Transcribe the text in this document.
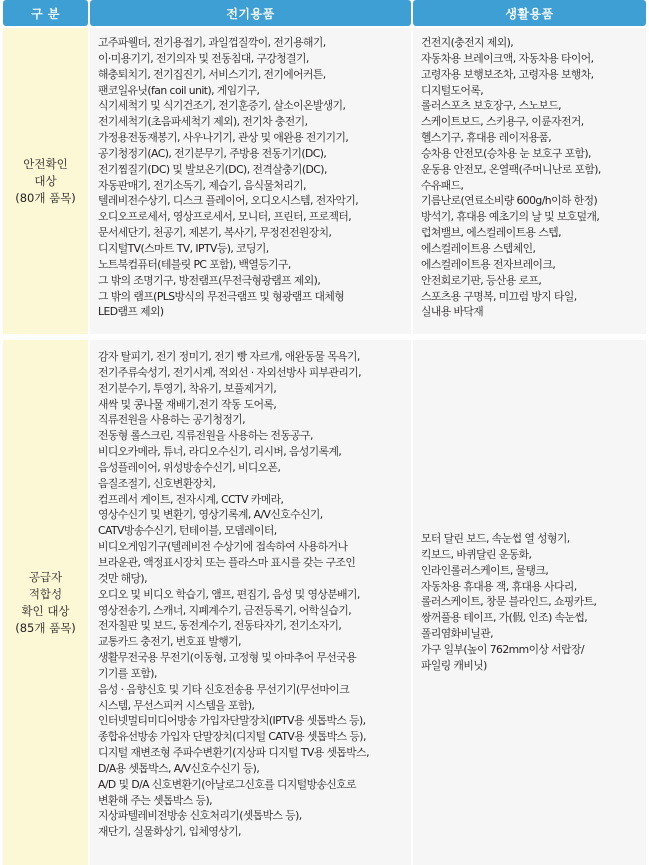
구 분	전기용품	생활용품
안전확인
대상
(80개 품목)
고주파웰더, 전기용접기, 과일껍질깍이, 전기용해기,
이·미용기기, 전기의자 및 전동침대, 구강청결기,
해충퇴치기, 전기집진기, 서비스기기, 전기에어커튼,
팬코일유닛(fan coil unit), 게임기구,
식기세척기 및 식기건조기, 전기훈증기, 살소이온발생기,
전기세척기(초음파세척기 제외), 전기차 충전기,
가정용전동재봉기, 사우나기기, 관상 및 애완용 전기기기,
공기청정기(AC), 전기분무기, 주방용 전동기기(DC),
전기찜질기(DC) 및 발보온기(DC), 전격살충기(DC),
자동판매기, 전기소독기, 제습기, 음식물처리기,
텔레비전수상기, 디스크 플레이어, 오디오시스템, 전자악기,
오디오프로세서, 영상프로세서, 모니터, 프린터, 프로젝터,
문서세단기, 천공기, 제본기, 복사기, 무정전전원장치,
디지털TV(스마트 TV, IPTV등), 코딩기,
노트북컴퓨터(테블릿 PC 포함), 백열등기구,
그 밖의 조명기구, 방전램프(무전극형광램프 제외),
그 밖의 램프(PLS방식의 무전극램프 및 형광램프 대체형
LED램프 제외)
건전지(충전지 제외),
자동차용 브레이크액, 자동차용 타이어,
고령자용 보행보조차, 고령자용 보행차,
디지털도어록,
롤러스포츠 보호장구, 스노보드,
스케이트보드, 스키용구, 이륜자전거,
헬스기구, 휴대용 레이저용품,
승차용 안전모(승차용 눈 보호구 포함),
운동용 안전모, 온열팩(주머니난로 포함),
수유패드,
기름난로(연료소비량 600g/h이하 한정)
방석기, 휴대용 예초기의 날 및 보호덮개,
럽쳐밸브, 에스컬레이트용 스텝,
에스컬레이트용 스텝체인,
에스컬레이트용 전자브레이크,
안전회로기판, 등산용 로프,
스포츠용 구명복, 미끄럼 방지 타일,
실내용 바닥재
공급자
적합성
확인 대상
(85개 품목)
감자 탈피기, 전기 정미기, 전기 빵 자르개, 애완동물 목욕기,
전기주류숙성기, 전기시계, 적외선 · 자외선방사 피부관리기,
전기분수기, 투영기, 착유기, 보풀제거기,
새싹 및 콩나물 재배기,전기 작동 도어록,
직류전원을 사용하는 공기청정기,
전동형 롤스크린, 직류전원을 사용하는 전동공구,
비디오카메라, 튜너, 라디오수신기, 리시버, 음성기록계,
음성플레이어, 위성방송수신기, 비디오폰,
음질조절기, 신호변환장치,
컴프레서 게이트, 전자시계, CCTV 카메라,
영상수신기 및 변환기, 영상기록계, A/V신호수신기,
CATV방송수신기, 턴테이블, 모뎀레이터,
비디오게임기구(텔레비전 수상기에 접속하여 사용하거나
브라운관, 액정표시장치 또는 플라스마 표시를 갖는 구조인
것만 해당),
오디오 및 비디오 학습기, 앰프, 편집기, 음성 및 영상분배기,
영상전송기, 스캐너, 지폐계수기, 금전등록기, 어학실습기,
전자칠판 및 보드, 동전계수기, 전동타자기, 전기소자기,
교통카드 충전기, 번호표 발행기,
생활무전국용 무전기(이동형, 고정형 및 아마추어 무선국용
기기를 포함),
음성 · 음향신호 및 기타 신호전송용 무선기기(무선마이크
시스템, 무선스피커 시스템을 포함),
인터넷멀티미디어방송 가입자단말장치(IPTV용 셋톱박스 등),
종합유선방송 가입자 단말장치(디지털 CATV용 셋톱박스 등),
디지털 재변조형 주파수변환기(지상파 디지털 TV용 셋톱박스,
D/A용 셋톱박스, A/V신호수신기 등),
A/D 및 D/A 신호변환기(아날로그신호를 디지털방송신호로
변환해 주는 셋톱박스 등),
지상파텔레비전방송 신호처리기(셋톱박스 등),
재단기, 실물화상기, 입체영상기,
모터 달린 보드, 속눈썹 열 성형기,
킥보드, 바퀴달린 운동화,
인라인롤러스케이트, 물탱크,
자동차용 휴대용 잭, 휴대용 사다리,
롤러스케이트, 창문 블라인드, 쇼핑카트,
쌍꺼풀용 테이프, 가(假, 인조) 속눈썹,
폴리염화비닐관,
가구 일부(높이 762mm이상 서랍장/
파일링 캐비닛)
